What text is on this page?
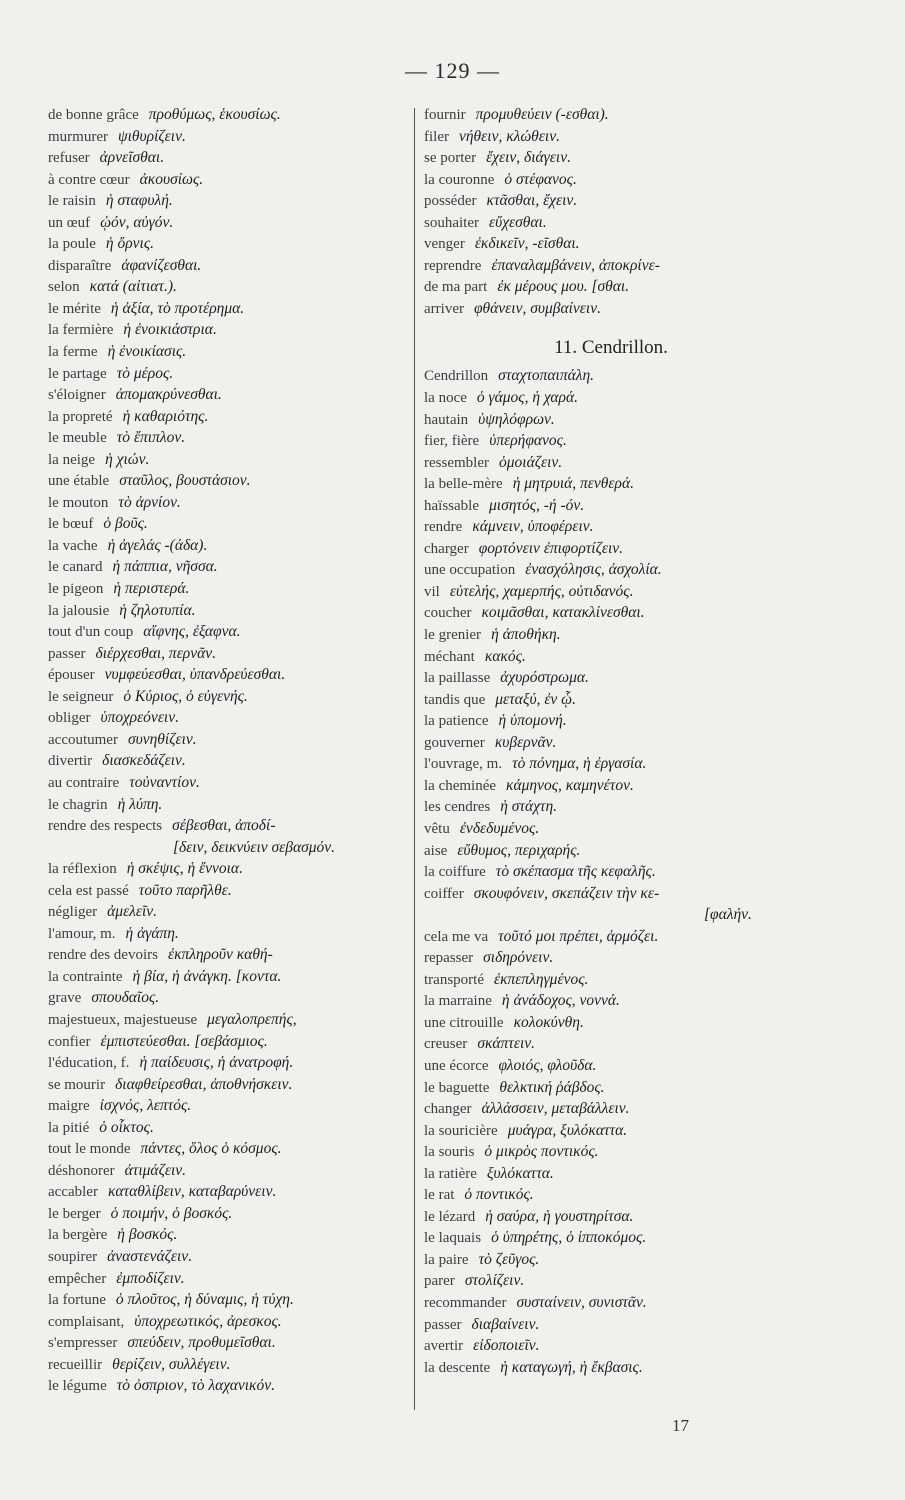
— 129 —
de bonne grâce προθύμως, ἑκουσίως.
murmurer ψιθυρίζειν.
refuser ἀρνεῖσθαι.
à contre cœur ἀκουσίως.
le raisin ἡ σταφυλή.
un œuf ᾠόν, αὐγόν.
la poule ἡ ὄρνις.
disparaître ἀφανίζεσθαι.
selon κατά (αἰτιατ.).
le mérite ἡ ἀξία, τὸ προτέρημα.
la fermière ἡ ἐνοικιάστρια.
la ferme ἡ ἐνοικίασις.
le partage τὸ μέρος.
s'éloigner ἀπομακρύνεσθαι.
la propreté ἡ καθαριότης.
le meuble τὸ ἔπιπλον.
la neige ἡ χιών.
une étable σταῦλος, βουστάσιον.
le mouton τὸ ἀρνίον.
le bœuf ὁ βοῦς.
la vache ἡ ἀγελάς -(άδα).
le canard ἡ πάππια, νῆσσα.
le pigeon ἡ περιστερά.
la jalousie ἡ ζηλοτυπία.
tout d'un coup αἴφνης, ἐξαφνα.
passer διέρχεσθαι, περνᾶν.
épouser νυμφεύεσθαι, ὑπανδρεύεσθαι.
le seigneur ὁ Κύριος, ὁ εὐγενής.
obliger ὑποχρεόνειν.
accoutumer συνηθίζειν.
divertir διασκεδάζειν.
au contraire τοὐναντίον.
le chagrin ἡ λύπη.
rendre des respects σέβεσθαι, ἀποδί-
[δειν, δεικνύειν σεβασμόν.
la réflexion ἡ σκέψις, ἡ ἔννοια.
cela est passé τοῦτο παρῆλθε.
négliger ἀμελεῖν.
l'amour, m. ἡ ἀγάπη.
rendre des devoirs ἐκπληροῦν καθή-
la contrainte ἡ βία, ἡ ἀνάγκη. [κοντα.
grave σπουδαῖος.
majestueux, majestueuse μεγαλοπρεπής,
confier ἐμπιστεύεσθαι. [σεβάσμιος.
l'éducation, f. ἡ παίδευσις, ἡ ἀνατροφή.
se mourir διαφθείρεσθαι, ἀποθνήσκειν.
maigre ἰσχνός, λεπτός.
la pitié ὁ οἶκτος.
tout le monde πάντες, ὅλος ὁ κόσμος.
déshonorer ἀτιμάζειν.
accabler καταθλίβειν, καταβαρύνειν.
le berger ὁ ποιμήν, ὁ βοσκός.
la bergère ἡ βοσκός.
soupirer ἀναστενάζειν.
empêcher ἐμποδίζειν.
la fortune ὁ πλοῦτος, ἡ δύναμις, ἡ τύχη.
complaisant, ὑποχρεωτικός, ἀρεσκος.
s'empresser σπεύδειν, προθυμεῖσθαι.
recueillir θερίζειν, συλλέγειν.
le légume τὸ ὀσπριον, τὸ λαχανικόν.
fournir προμυθεύειν (-εσθαι).
filer νήθειν, κλώθειν.
se porter ἔχειν, διάγειν.
la couronne ὁ στέφανος.
posséder κτᾶσθαι, ἔχειν.
souhaiter εὔχεσθαι.
venger ἐκδικεῖν, -εῖσθαι.
reprendre ἐπαναλαμβάνειν, ἀποκρίνε-
de ma part ἐκ μέρους μου. [σθαι.
arriver φθάνειν, συμβαίνειν.
11. Cendrillon.
Cendrillon σταχτοπαιπάλη.
la noce ὁ γάμος, ἡ χαρά.
hautain ὑψηλόφρων.
fier, fière ὑπερήφανος.
ressembler ὁμοιάζειν.
la belle-mère ἡ μητρυιά, πενθερά.
haïssable μισητός, -ή -όν.
rendre κάμνειν, ὑποφέρειν.
charger φορτόνειν ἐπιφορτίζειν.
une occupation ἐνασχόλησις, ἀσχολία.
vil εὐτελής, χαμερπής, οὐτιδανός.
coucher κοιμᾶσθαι, κατακλίνεσθαι.
le grenier ἡ ἀποθήκη.
méchant κακός.
la paillasse ἀχυρόστρωμα.
tandis que μεταξύ, ἐν ᾧ.
la patience ἡ ὑπομονή.
gouverner κυβερνᾶν.
l'ouvrage, m. τὸ πόνημα, ἡ ἐργασία.
la cheminée κάμηνος, καμηνέτον.
les cendres ἡ στάχτη.
vêtu ἐνδεδυμένος.
aise εὔθυμος, περιχαρής.
la coiffure τὸ σκέπασμα τῆς κεφαλῆς.
coiffer σκουφόνειν, σκεπάζειν τὴν κε-
[φαλήν.
cela me va τοῦτό μοι πρέπει, ἁρμόζει.
repasser σιδηρόνειν.
transporté ἐκπεπληγμένος.
la marraine ἡ ἀνάδοχος, νοννά.
une citrouille κολοκύνθη.
creuser σκάπτειν.
une écorce φλοιός, φλοῦδα.
le baguette θελκτική ῥάβδος.
changer ἀλλάσσειν, μεταβάλλειν.
la souricière μυάγρα, ξυλόκαττα.
la souris ὁ μικρὸς ποντικός.
la ratière ξυλόκαττα.
le rat ὁ ποντικός.
le lézard ἡ σαύρα, ἡ γουστηρίτσα.
le laquais ὁ ὑπηρέτης, ὁ ἱπποκόμος.
la paire τὸ ζεῦγος.
parer στολίζειν.
recommander συσταίνειν, συνιστᾶν.
passer διαβαίνειν.
avertir εἰδοποιεῖν.
la descente ἡ καταγωγή, ἡ ἔκβασις.
17
